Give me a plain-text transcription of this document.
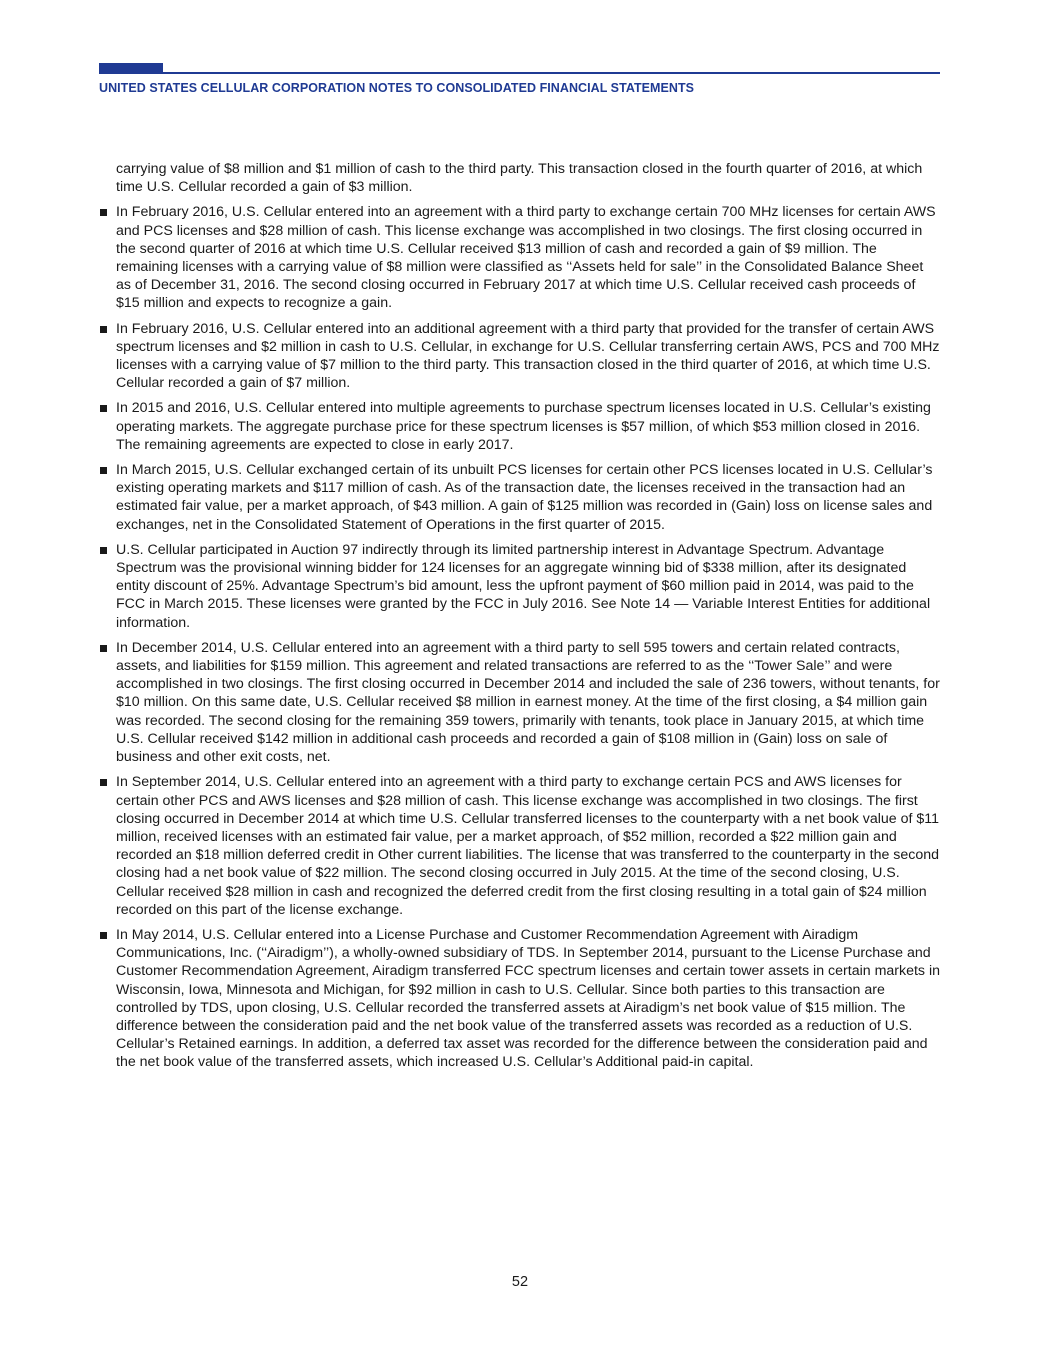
UNITED STATES CELLULAR CORPORATION NOTES TO CONSOLIDATED FINANCIAL STATEMENTS

carrying value of $8 million and $1 million of cash to the third party. This transaction closed in the fourth quarter of 2016, at which time U.S. Cellular recorded a gain of $3 million.

In February 2016, U.S. Cellular entered into an agreement with a third party to exchange certain 700 MHz licenses for certain AWS and PCS licenses and $28 million of cash. This license exchange was accomplished in two closings. The first closing occurred in the second quarter of 2016 at which time U.S. Cellular received $13 million of cash and recorded a gain of $9 million. The remaining licenses with a carrying value of $8 million were classified as ‘‘Assets held for sale’’ in the Consolidated Balance Sheet as of December 31, 2016. The second closing occurred in February 2017 at which time U.S. Cellular received cash proceeds of $15 million and expects to recognize a gain.
In February 2016, U.S. Cellular entered into an additional agreement with a third party that provided for the transfer of certain AWS spectrum licenses and $2 million in cash to U.S. Cellular, in exchange for U.S. Cellular transferring certain AWS, PCS and 700 MHz licenses with a carrying value of $7 million to the third party. This transaction closed in the third quarter of 2016, at which time U.S. Cellular recorded a gain of $7 million.
In 2015 and 2016, U.S. Cellular entered into multiple agreements to purchase spectrum licenses located in U.S. Cellular’s existing operating markets. The aggregate purchase price for these spectrum licenses is $57 million, of which $53 million closed in 2016. The remaining agreements are expected to close in early 2017.
In March 2015, U.S. Cellular exchanged certain of its unbuilt PCS licenses for certain other PCS licenses located in U.S. Cellular’s existing operating markets and $117 million of cash. As of the transaction date, the licenses received in the transaction had an estimated fair value, per a market approach, of $43 million. A gain of $125 million was recorded in (Gain) loss on license sales and exchanges, net in the Consolidated Statement of Operations in the first quarter of 2015.
U.S. Cellular participated in Auction 97 indirectly through its limited partnership interest in Advantage Spectrum. Advantage Spectrum was the provisional winning bidder for 124 licenses for an aggregate winning bid of $338 million, after its designated entity discount of 25%. Advantage Spectrum’s bid amount, less the upfront payment of $60 million paid in 2014, was paid to the FCC in March 2015. These licenses were granted by the FCC in July 2016. See Note 14 — Variable Interest Entities for additional information.
In December 2014, U.S. Cellular entered into an agreement with a third party to sell 595 towers and certain related contracts, assets, and liabilities for $159 million. This agreement and related transactions are referred to as the ‘‘Tower Sale’’ and were accomplished in two closings. The first closing occurred in December 2014 and included the sale of 236 towers, without tenants, for $10 million. On this same date, U.S. Cellular received $8 million in earnest money. At the time of the first closing, a $4 million gain was recorded. The second closing for the remaining 359 towers, primarily with tenants, took place in January 2015, at which time U.S. Cellular received $142 million in additional cash proceeds and recorded a gain of $108 million in (Gain) loss on sale of business and other exit costs, net.
In September 2014, U.S. Cellular entered into an agreement with a third party to exchange certain PCS and AWS licenses for certain other PCS and AWS licenses and $28 million of cash. This license exchange was accomplished in two closings. The first closing occurred in December 2014 at which time U.S. Cellular transferred licenses to the counterparty with a net book value of $11 million, received licenses with an estimated fair value, per a market approach, of $52 million, recorded a $22 million gain and recorded an $18 million deferred credit in Other current liabilities. The license that was transferred to the counterparty in the second closing had a net book value of $22 million. The second closing occurred in July 2015. At the time of the second closing, U.S. Cellular received $28 million in cash and recognized the deferred credit from the first closing resulting in a total gain of $24 million recorded on this part of the license exchange.
In May 2014, U.S. Cellular entered into a License Purchase and Customer Recommendation Agreement with Airadigm Communications, Inc. (‘‘Airadigm’’), a wholly-owned subsidiary of TDS. In September 2014, pursuant to the License Purchase and Customer Recommendation Agreement, Airadigm transferred FCC spectrum licenses and certain tower assets in certain markets in Wisconsin, Iowa, Minnesota and Michigan, for $92 million in cash to U.S. Cellular. Since both parties to this transaction are controlled by TDS, upon closing, U.S. Cellular recorded the transferred assets at Airadigm’s net book value of $15 million. The difference between the consideration paid and the net book value of the transferred assets was recorded as a reduction of U.S. Cellular’s Retained earnings. In addition, a deferred tax asset was recorded for the difference between the consideration paid and the net book value of the transferred assets, which increased U.S. Cellular’s Additional paid-in capital.
52
